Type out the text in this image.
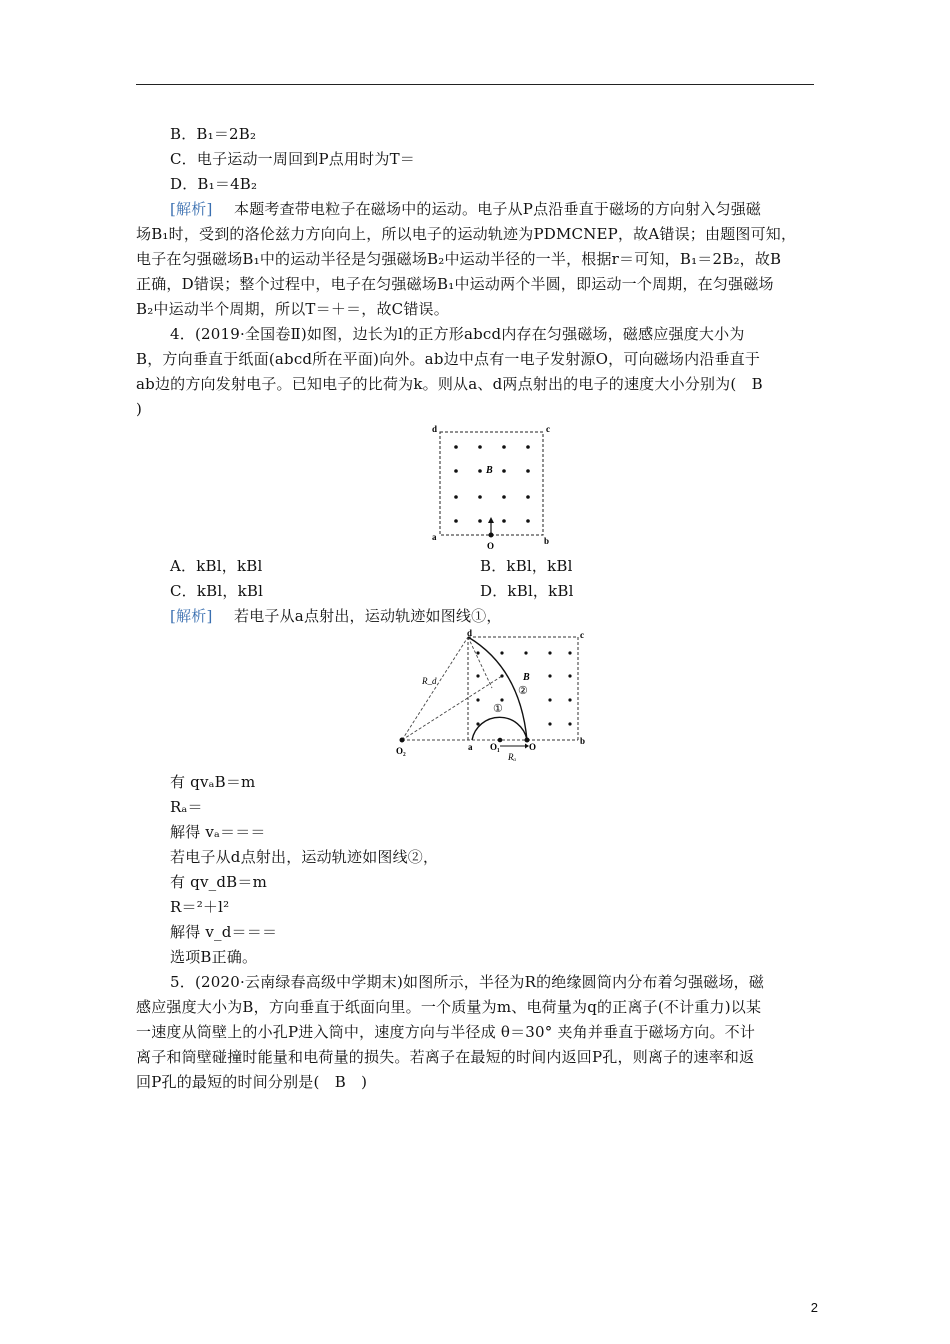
B．B₁＝2B₂
C．电子运动一周回到P点用时为T＝
D．B₁＝4B₂
[解析] 本题考查带电粒子在磁场中的运动。电子从P点沿垂直于磁场的方向射入匀强磁
场B₁时，受到的洛伦兹力方向向上，所以电子的运动轨迹为PDMCNEP，故A错误；由题图可知，
电子在匀强磁场B₁中的运动半径是匀强磁场B₂中运动半径的一半，根据r＝可知，B₁＝2B₂，故B
正确，D错误；整个过程中，电子在匀强磁场B₁中运动两个半圆，即运动一个周期，在匀强磁场
B₂中运动半个周期，所以T＝＋＝，故C错误。
4．(2019·全国卷Ⅱ)如图，边长为l的正方形abcd内存在匀强磁场，磁感应强度大小为
B，方向垂直于纸面(abcd所在平面)向外。ab边中点有一电子发射源O，可向磁场内沿垂直于
ab边的方向发射电子。已知电子的比荷为k。则从a、d两点射出的电子的速度大小分别为(　B
)
d	c
a	b
B
O
A．kBl，kBl	B．kBl，kBl
C．kBl，kBl	D．kBl，kBl
[解析] 若电子从a点射出，运动轨迹如图线①，
d	c
a
b
B
O
O₁
O₂
R_d
Rₐ
①
②
有 qvₐB＝m
Rₐ＝
解得 vₐ＝＝＝
若电子从d点射出，运动轨迹如图线②，
有 qv_dB＝m
R＝²＋l²
解得 v_d＝＝＝
选项B正确。
5．(2020·云南绿春高级中学期末)如图所示，半径为R的绝缘圆筒内分布着匀强磁场，磁
感应强度大小为B，方向垂直于纸面向里。一个质量为m、电荷量为q的正离子(不计重力)以某
一速度从筒壁上的小孔P进入筒中，速度方向与半径成 θ＝30° 夹角并垂直于磁场方向。不计
离子和筒壁碰撞时能量和电荷量的损失。若离子在最短的时间内返回P孔，则离子的速率和返
回P孔的最短的时间分别是(　B　)
2
